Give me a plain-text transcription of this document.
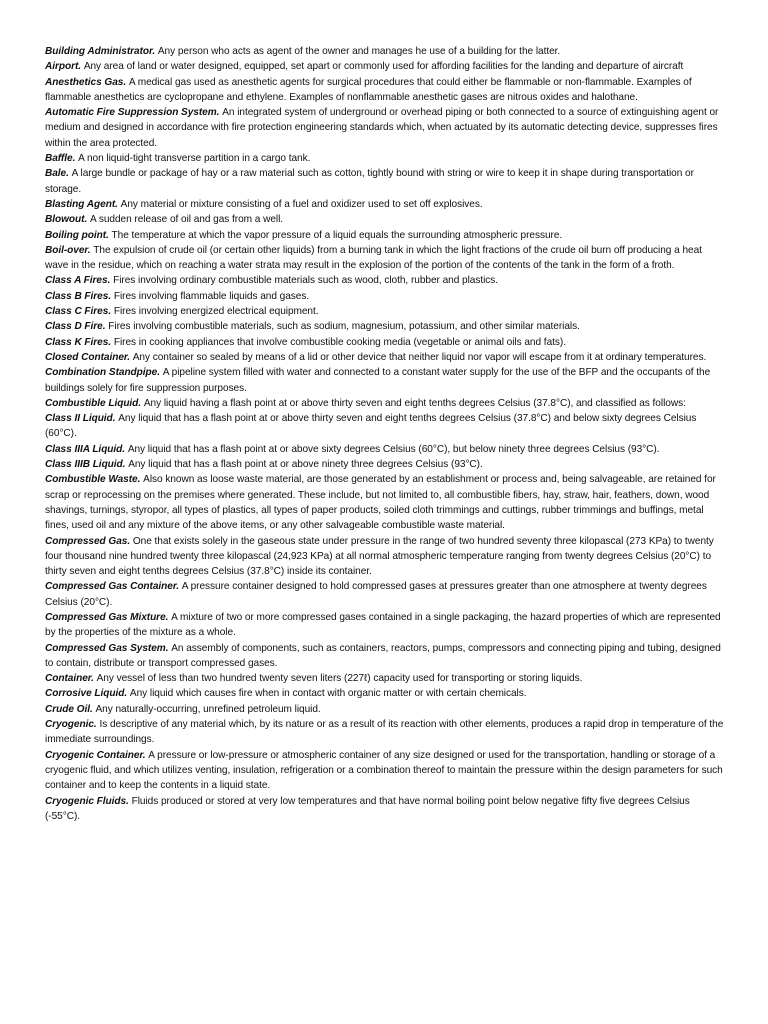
Building Administrator. Any person who acts as agent of the owner and manages he use of a building for the latter.

Airport. Any area of land or water designed, equipped, set apart or commonly used for affording facilities for the landing and departure of aircraft

Anesthetics Gas. A medical gas used as anesthetic agents for surgical procedures that could either be flammable or non-flammable. Examples of flammable anesthetics are cyclopropane and ethylene. Examples of nonflammable anesthetic gases are nitrous oxides and halothane.

Automatic Fire Suppression System. An integrated system of underground or overhead piping or both connected to a source of extinguishing agent or medium and designed in accordance with fire protection engineering standards which, when actuated by its automatic detecting device, suppresses fires within the area protected.

Baffle. A non liquid-tight transverse partition in a cargo tank.

Bale. A large bundle or package of hay or a raw material such as cotton, tightly bound with string or wire to keep it in shape during transportation or storage.

Blasting Agent. Any material or mixture consisting of a fuel and oxidizer used to set off explosives.

Blowout. A sudden release of oil and gas from a well.

Boiling point. The temperature at which the vapor pressure of a liquid equals the surrounding atmospheric pressure.

Boil-over. The expulsion of crude oil (or certain other liquids) from a burning tank in which the light fractions of the crude oil burn off producing a heat wave in the residue, which on reaching a water strata may result in the explosion of the portion of the contents of the tank in the form of a froth.

Class A Fires. Fires involving ordinary combustible materials such as wood, cloth, rubber and plastics.

Class B Fires. Fires involving flammable liquids and gases.

Class C Fires. Fires involving energized electrical equipment.

Class D Fire. Fires involving combustible materials, such as sodium, magnesium, potassium, and other similar materials.

Class K Fires. Fires in cooking appliances that involve combustible cooking media (vegetable or animal oils and fats).

Closed Container. Any container so sealed by means of a lid or other device that neither liquid nor vapor will escape from it at ordinary temperatures.

Combination Standpipe. A pipeline system filled with water and connected to a constant water supply for the use of the BFP and the occupants of the buildings solely for fire suppression purposes.

Combustible Liquid. Any liquid having a flash point at or above thirty seven and eight tenths degrees Celsius (37.8°C), and classified as follows:

Class II Liquid. Any liquid that has a flash point at or above thirty seven and eight tenths degrees Celsius (37.8°C) and below sixty degrees Celsius (60°C).

Class IIIA Liquid. Any liquid that has a flash point at or above sixty degrees Celsius (60°C), but below ninety three degrees Celsius (93°C).

Class IIIB Liquid. Any liquid that has a flash point at or above ninety three degrees Celsius (93°C).

Combustible Waste. Also known as loose waste material, are those generated by an establishment or process and, being salvageable, are retained for scrap or reprocessing on the premises where generated. These include, but not limited to, all combustible fibers, hay, straw, hair, feathers, down, wood shavings, turnings, styropor, all types of plastics, all types of paper products, soiled cloth trimmings and cuttings, rubber trimmings and buffings, metal fines, used oil and any mixture of the above items, or any other salvageable combustible waste material.

Compressed Gas. One that exists solely in the gaseous state under pressure in the range of two hundred seventy three kilopascal (273 KPa) to twenty four thousand nine hundred twenty three kilopascal (24,923 KPa) at all normal atmospheric temperature ranging from twenty degrees Celsius (20°C) to thirty seven and eight tenths degrees Celsius (37.8°C) inside its container.

Compressed Gas Container. A pressure container designed to hold compressed gases at pressures greater than one atmosphere at twenty degrees Celsius (20°C).

Compressed Gas Mixture. A mixture of two or more compressed gases contained in a single packaging, the hazard properties of which are represented by the properties of the mixture as a whole.

Compressed Gas System. An assembly of components, such as containers, reactors, pumps, compressors and connecting piping and tubing, designed to contain, distribute or transport compressed gases.

Container. Any vessel of less than two hundred twenty seven liters (227ℓ) capacity used for transporting or storing liquids.

Corrosive Liquid. Any liquid which causes fire when in contact with organic matter or with certain chemicals.

Crude Oil. Any naturally-occurring, unrefined petroleum liquid.

Cryogenic. Is descriptive of any material which, by its nature or as a result of its reaction with other elements, produces a rapid drop in temperature of the immediate surroundings.

Cryogenic Container. A pressure or low-pressure or atmospheric container of any size designed or used for the transportation, handling or storage of a cryogenic fluid, and which utilizes venting, insulation, refrigeration or a combination thereof to maintain the pressure within the design parameters for such container and to keep the contents in a liquid state.

Cryogenic Fluids. Fluids produced or stored at very low temperatures and that have normal boiling point below negative fifty five degrees Celsius (-55°C).
